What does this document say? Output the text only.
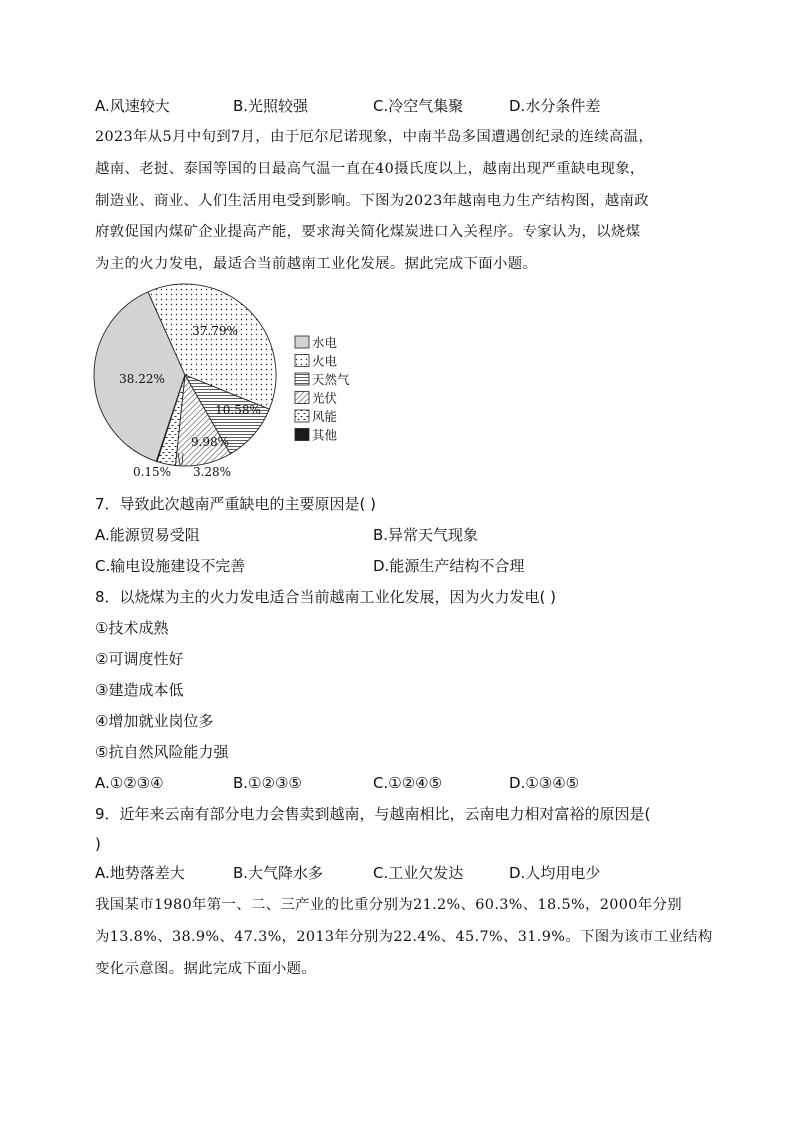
A.风速较大	B.光照较强	C.冷空气集聚	D.水分条件差
2023年从5月中旬到7月，由于厄尔尼诺现象，中南半岛多国遭遇创纪录的连续高温，
越南、老挝、泰国等国的日最高气温一直在40摄氏度以上，越南出现严重缺电现象，
制造业、商业、人们生活用电受到影响。下图为2023年越南电力生产结构图，越南政
府敦促国内煤矿企业提高产能，要求海关简化煤炭进口入关程序。专家认为，以烧煤
为主的火力发电，最适合当前越南工业化发展。据此完成下面小题。
38.22%
37.79%
10.58%
9.98%
3.28%
0.15%
水电
火电
天然气
光伏
风能
其他
7．导致此次越南严重缺电的主要原因是( )
A.能源贸易受阻	B.异常天气现象
C.输电设施建设不完善	D.能源生产结构不合理
8．以烧煤为主的火力发电适合当前越南工业化发展，因为火力发电( )
①技术成熟
②可调度性好
③建造成本低
④增加就业岗位多
⑤抗自然风险能力强
A.①②③④	B.①②③⑤	C.①②④⑤	D.①③④⑤
9．近年来云南有部分电力会售卖到越南，与越南相比，云南电力相对富裕的原因是(
)
A.地势落差大	B.大气降水多	C.工业欠发达	D.人均用电少
我国某市1980年第一、二、三产业的比重分别为21.2%、60.3%、18.5%，2000年分别
为13.8%、38.9%、47.3%，2013年分别为22.4%、45.7%、31.9%。下图为该市工业结构
变化示意图。据此完成下面小题。
